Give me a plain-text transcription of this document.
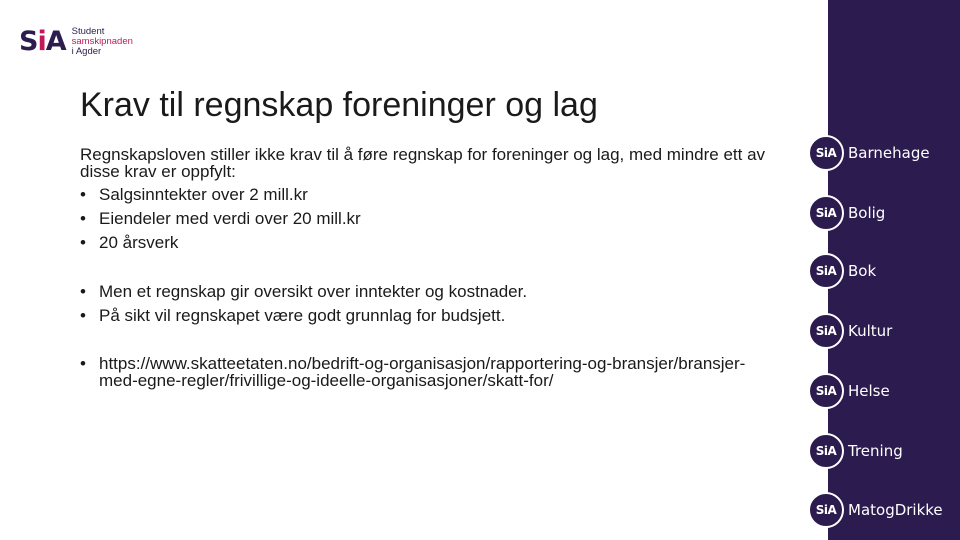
SiA Student
samskipnaden
i Agder
Krav til regnskap foreninger og lag

Regnskapsloven stiller ikke krav til å føre regnskap for foreninger og lag, med mindre ett av disse krav er oppfylt:

• Salgsinntekter over 2 mill.kr
• Eiendeler med verdi over 20 mill.kr
• 20 årsverk
• Men et regnskap gir oversikt over inntekter og kostnader.
• På sikt vil regnskapet være godt grunnlag for budsjett.
• https://www.skatteetaten.no/bedrift-og-organisasjon/rapportering-og-bransjer/bransjer-med-egne-regler/frivillige-og-ideelle-organisasjoner/skatt-for/
SiA Barnehage
SiA Bolig
SiA Bok
SiA Kultur
SiA Helse
SiA Trening
SiA MatogDrikke
